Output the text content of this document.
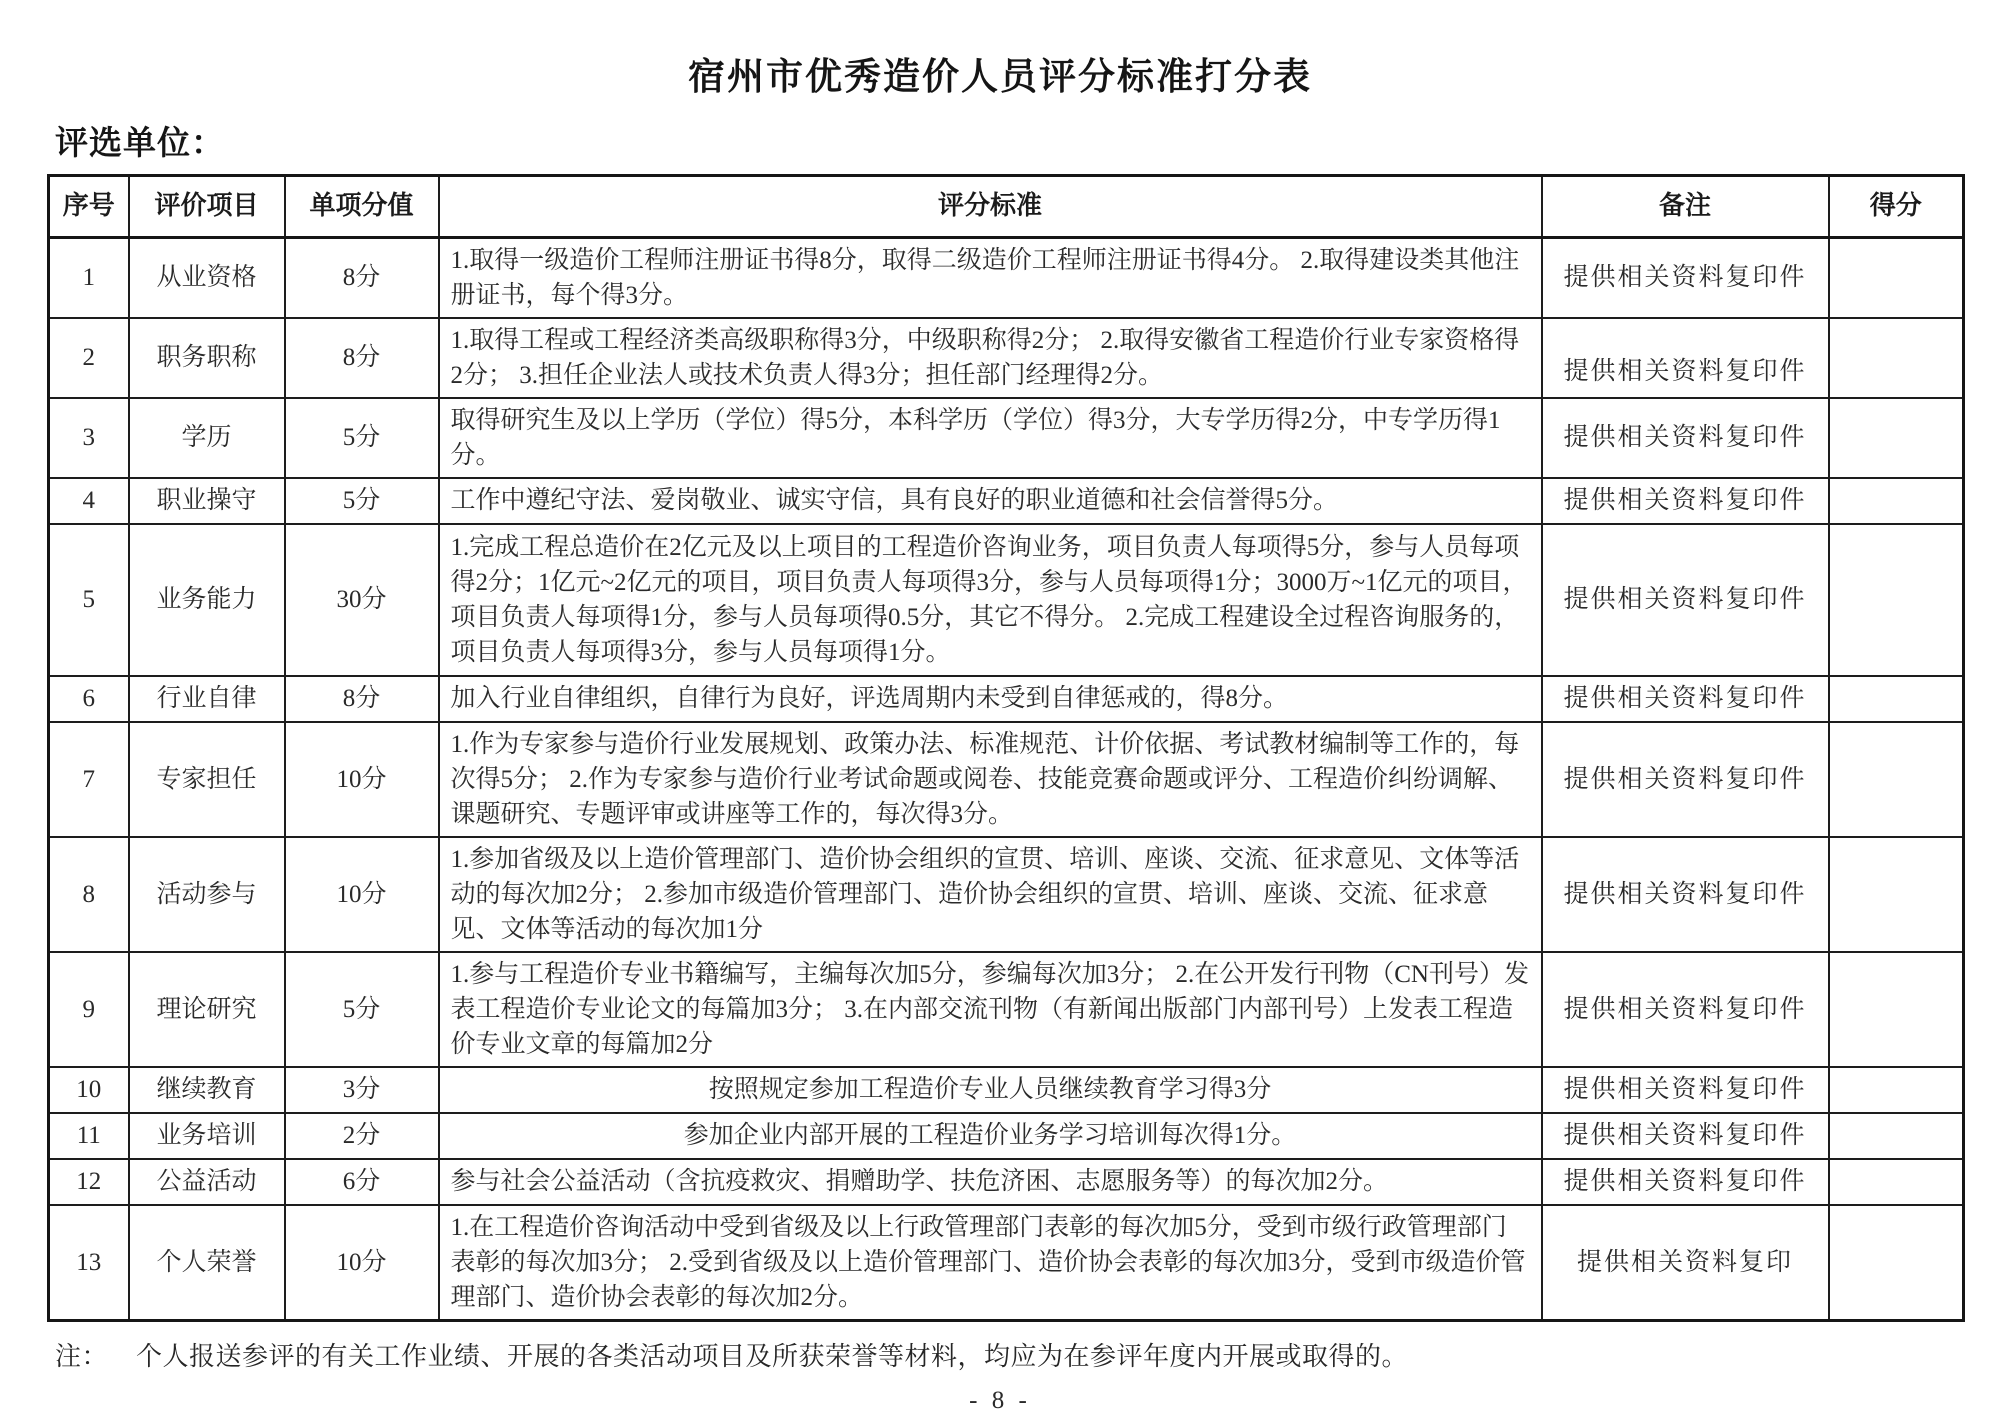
宿州市优秀造价人员评分标准打分表
评选单位：
序号	评价项目	单项分值	评分标准	备注	得分
1	从业资格	8分	1.取得一级造价工程师注册证书得8分，取得二级造价工程师注册证书得4分。 2.取得建设类其他注册证书，每个得3分。	提供相关资料复印件	
2	职务职称	8分	1.取得工程或工程经济类高级职称得3分，中级职称得2分； 2.取得安徽省工程造价行业专家资格得2分； 3.担任企业法人或技术负责人得3分；担任部门经理得2分。	提供相关资料复印件	
3	学历	5分	取得研究生及以上学历（学位）得5分，本科学历（学位）得3分，大专学历得2分，中专学历得1分。	提供相关资料复印件	
4	职业操守	5分	工作中遵纪守法、爱岗敬业、诚实守信，具有良好的职业道德和社会信誉得5分。	提供相关资料复印件	
5	业务能力	30分	1.完成工程总造价在2亿元及以上项目的工程造价咨询业务，项目负责人每项得5分，参与人员每项得2分；1亿元~2亿元的项目，项目负责人每项得3分，参与人员每项得1分；3000万~1亿元的项目，项目负责人每项得1分，参与人员每项得0.5分，其它不得分。 2.完成工程建设全过程咨询服务的，项目负责人每项得3分，参与人员每项得1分。	提供相关资料复印件	
6	行业自律	8分	加入行业自律组织，自律行为良好，评选周期内未受到自律惩戒的，得8分。	提供相关资料复印件	
7	专家担任	10分	1.作为专家参与造价行业发展规划、政策办法、标准规范、计价依据、考试教材编制等工作的，每次得5分； 2.作为专家参与造价行业考试命题或阅卷、技能竞赛命题或评分、工程造价纠纷调解、课题研究、专题评审或讲座等工作的，每次得3分。	提供相关资料复印件	
8	活动参与	10分	1.参加省级及以上造价管理部门、造价协会组织的宣贯、培训、座谈、交流、征求意见、文体等活动的每次加2分； 2.参加市级造价管理部门、造价协会组织的宣贯、培训、座谈、交流、征求意见、文体等活动的每次加1分	提供相关资料复印件	
9	理论研究	5分	1.参与工程造价专业书籍编写，主编每次加5分，参编每次加3分； 2.在公开发行刊物（CN刊号）发表工程造价专业论文的每篇加3分； 3.在内部交流刊物（有新闻出版部门内部刊号）上发表工程造价专业文章的每篇加2分	提供相关资料复印件	
10	继续教育	3分	按照规定参加工程造价专业人员继续教育学习得3分	提供相关资料复印件	
11	业务培训	2分	参加企业内部开展的工程造价业务学习培训每次得1分。	提供相关资料复印件	
12	公益活动	6分	参与社会公益活动（含抗疫救灾、捐赠助学、扶危济困、志愿服务等）的每次加2分。	提供相关资料复印件	
13	个人荣誉	10分	1.在工程造价咨询活动中受到省级及以上行政管理部门表彰的每次加5分，受到市级行政管理部门表彰的每次加3分； 2.受到省级及以上造价管理部门、造价协会表彰的每次加3分，受到市级造价管理部门、造价协会表彰的每次加2分。	提供相关资料复印	
注： 个人报送参评的有关工作业绩、开展的各类活动项目及所获荣誉等材料，均应为在参评年度内开展或取得的。
- 8 -
